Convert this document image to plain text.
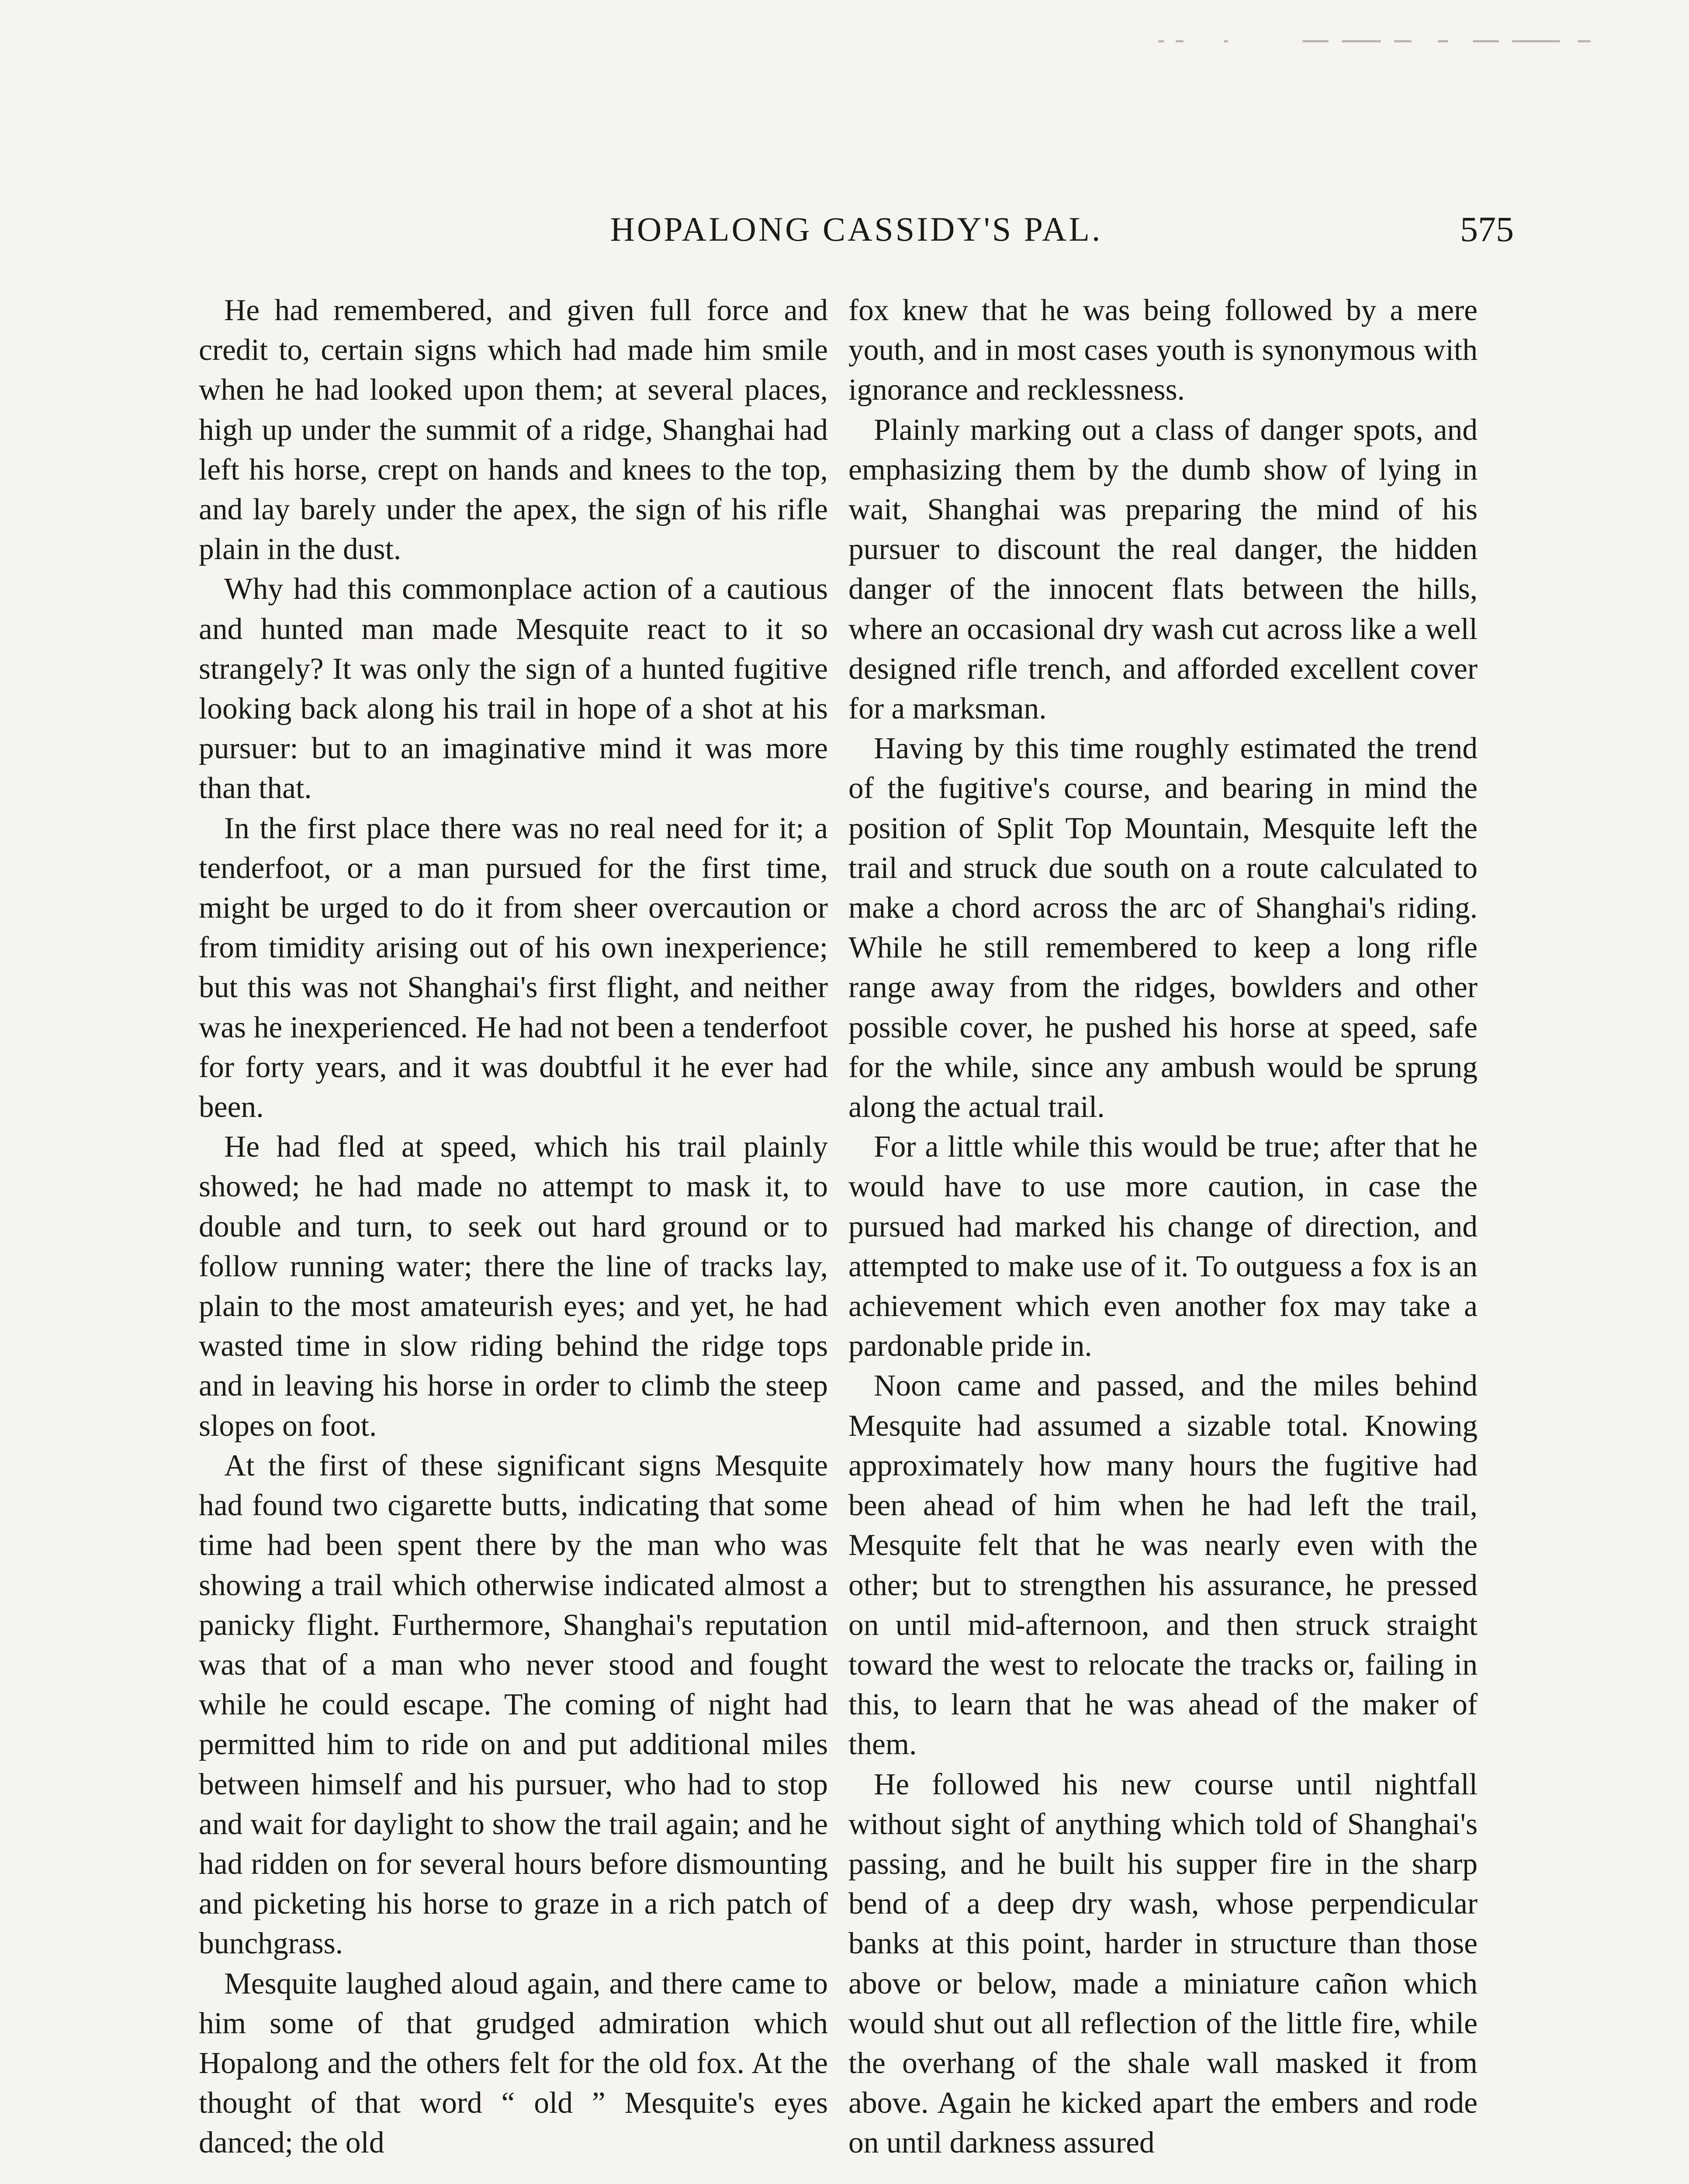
HOPALONG CASSIDY'S PAL.	575

He had remembered, and given full force and credit to, certain signs which had made him smile when he had looked upon them; at several places, high up under the summit of a ridge, Shanghai had left his horse, crept on hands and knees to the top, and lay barely under the apex, the sign of his rifle plain in the dust.

Why had this commonplace action of a cautious and hunted man made Mesquite react to it so strangely? It was only the sign of a hunted fugitive looking back along his trail in hope of a shot at his pursuer: but to an imaginative mind it was more than that.

In the first place there was no real need for it; a tenderfoot, or a man pursued for the first time, might be urged to do it from sheer overcaution or from timidity arising out of his own inexperience; but this was not Shanghai's first flight, and neither was he inexperienced. He had not been a tenderfoot for forty years, and it was doubtful it he ever had been.

He had fled at speed, which his trail plainly showed; he had made no attempt to mask it, to double and turn, to seek out hard ground or to follow running water; there the line of tracks lay, plain to the most amateurish eyes; and yet, he had wasted time in slow riding behind the ridge tops and in leaving his horse in order to climb the steep slopes on foot.

At the first of these significant signs Mesquite had found two cigarette butts, indicating that some time had been spent there by the man who was showing a trail which otherwise indicated almost a panicky flight. Furthermore, Shanghai's reputation was that of a man who never stood and fought while he could escape. The coming of night had permitted him to ride on and put additional miles between himself and his pursuer, who had to stop and wait for daylight to show the trail again; and he had ridden on for several hours before dismounting and picketing his horse to graze in a rich patch of bunchgrass.

Mesquite laughed aloud again, and there came to him some of that grudged admiration which Hopalong and the others felt for the old fox. At the thought of that word “ old ” Mesquite's eyes danced; the old

fox knew that he was being followed by a mere youth, and in most cases youth is synonymous with ignorance and recklessness.

Plainly marking out a class of danger spots, and emphasizing them by the dumb show of lying in wait, Shanghai was preparing the mind of his pursuer to discount the real danger, the hidden danger of the innocent flats between the hills, where an occasional dry wash cut across like a well designed rifle trench, and afforded excellent cover for a marksman.

Having by this time roughly estimated the trend of the fugitive's course, and bearing in mind the position of Split Top Mountain, Mesquite left the trail and struck due south on a route calculated to make a chord across the arc of Shanghai's riding. While he still remembered to keep a long rifle range away from the ridges, bowlders and other possible cover, he pushed his horse at speed, safe for the while, since any ambush would be sprung along the actual trail.

For a little while this would be true; after that he would have to use more caution, in case the pursued had marked his change of direction, and attempted to make use of it. To outguess a fox is an achievement which even another fox may take a pardonable pride in.

Noon came and passed, and the miles behind Mesquite had assumed a sizable total. Knowing approximately how many hours the fugitive had been ahead of him when he had left the trail, Mesquite felt that he was nearly even with the other; but to strengthen his assurance, he pressed on until mid-afternoon, and then struck straight toward the west to relocate the tracks or, failing in this, to learn that he was ahead of the maker of them.

He followed his new course until nightfall without sight of anything which told of Shanghai's passing, and he built his supper fire in the sharp bend of a deep dry wash, whose perpendicular banks at this point, harder in structure than those above or below, made a miniature cañon which would shut out all reflection of the little fire, while the overhang of the shale wall masked it from above. Again he kicked apart the embers and rode on until darkness assured
